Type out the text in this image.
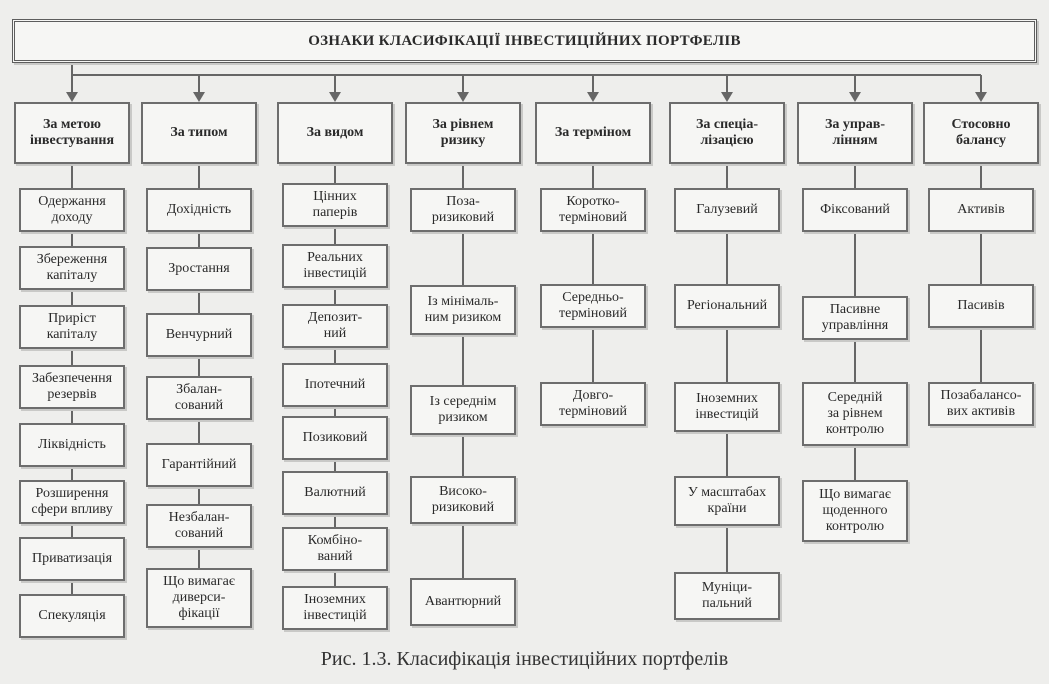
ОЗНАКИ КЛАСИФІКАЦІЇ ІНВЕСТИЦІЙНИХ ПОРТФЕЛІВ
За метою
інвестування
Одержання
доходу
Збереження
капіталу
Приріст
капіталу
Забезпечення
резервів
Ліквідність
Розширення
сфери впливу
Приватизація
Спекуляція
За типом
Дохідність
Зростання
Венчурний
Збалан-
сований
Гарантійний
Незбалан-
сований
Що вимагає
диверси-
фікації
За видом
Цінних
паперів
Реальних
інвестицій
Депозит-
ний
Іпотечний
Позиковий
Валютний
Комбіно-
ваний
Іноземних
інвестицій
За рівнем
ризику
Поза-
ризиковий
Із мінімаль-
ним ризиком
Із середнім
ризиком
Високо-
ризиковий
Авантюрний
За терміном
Коротко-
терміновий
Середньо-
терміновий
Довго-
терміновий
За спеціа-
лізацією
Галузевий
Регіональний
Іноземних
інвестицій
У масштабах
країни
Муніци-
пальний
За управ-
лінням
Фіксований
Пасивне
управління
Середній
за рівнем
контролю
Що вимагає
щоденного
контролю
Стосовно
балансу
Активів
Пасивів
Позабалансо-
вих активів
Рис. 1.3. Класифікація інвестиційних портфелів
